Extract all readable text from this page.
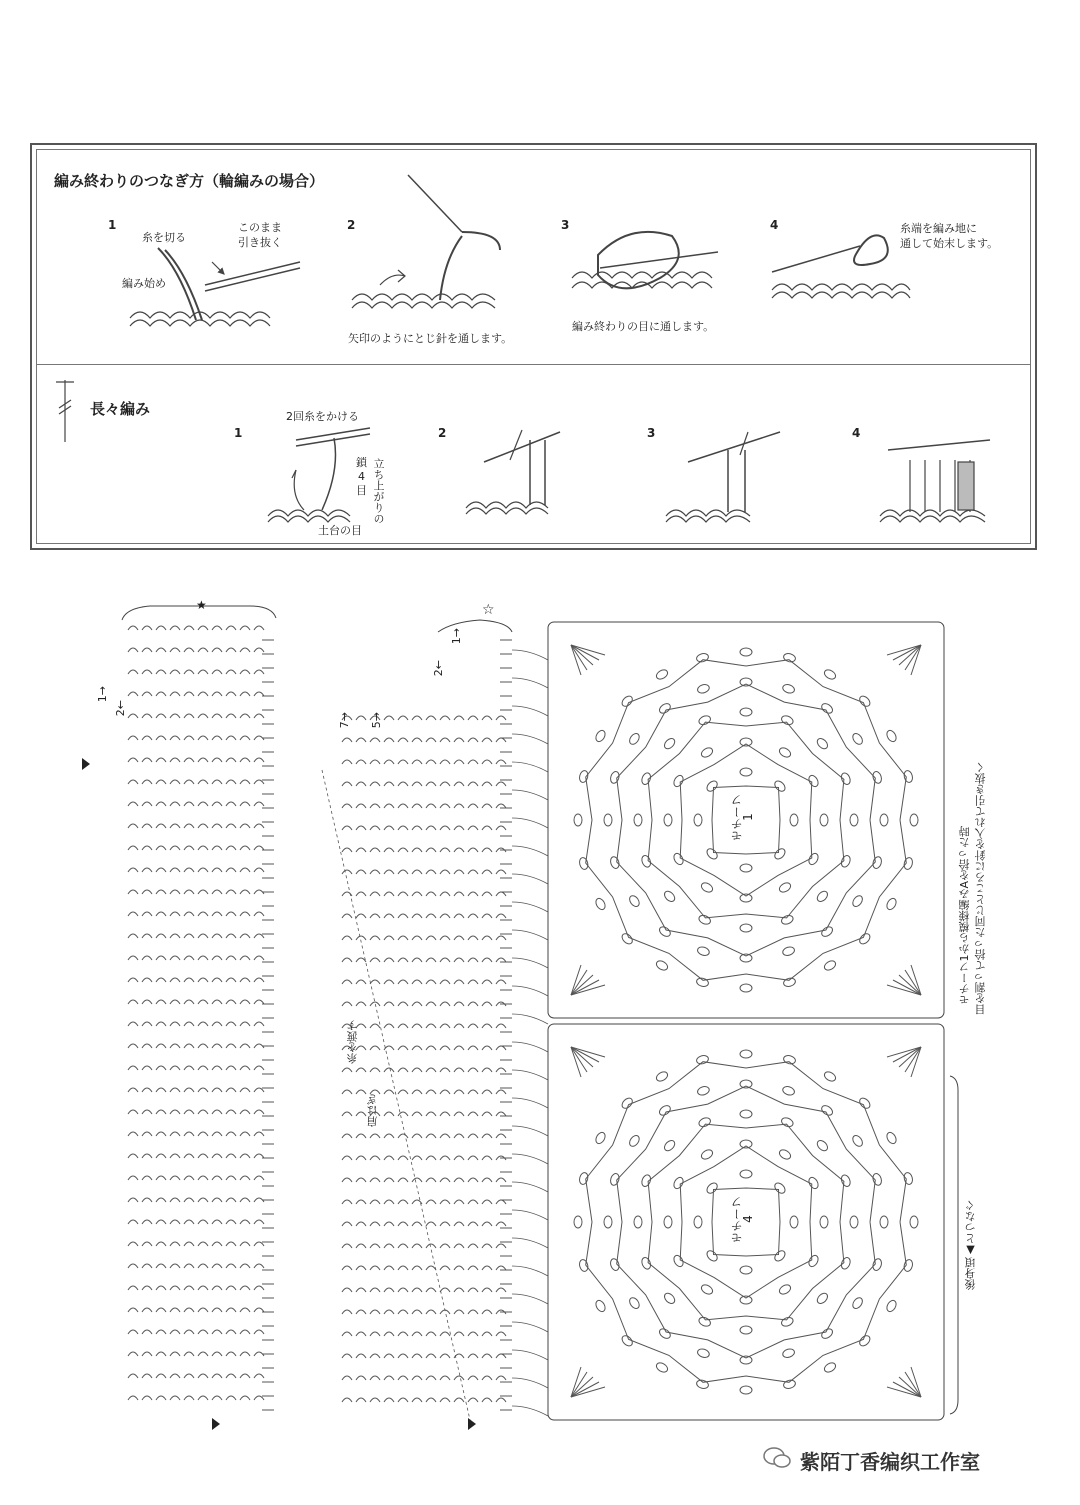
編み終わりのつなぎ方（輪編みの場合）
1	2	3	4
糸を切る
このまま
引き抜く
編み始め
矢印のようにとじ針を通します。
編み終わりの目に通します。
糸端を編み地に
通して始末します。
長々編み
1	2	3	4
2回糸をかける
立ち上がりの
鎖
4
目
土台の目
★	☆
1→
2←
1→
2←
7→
5→
糸を渡す
肩はぎ
モチーフ
1
モチーフ
4
モチーフ1から模様編みAを拾った時 目を割って拾った同じところに針を入れて引き抜く
後身頃▲とつなぐ
紫陌丁香编织工作室
